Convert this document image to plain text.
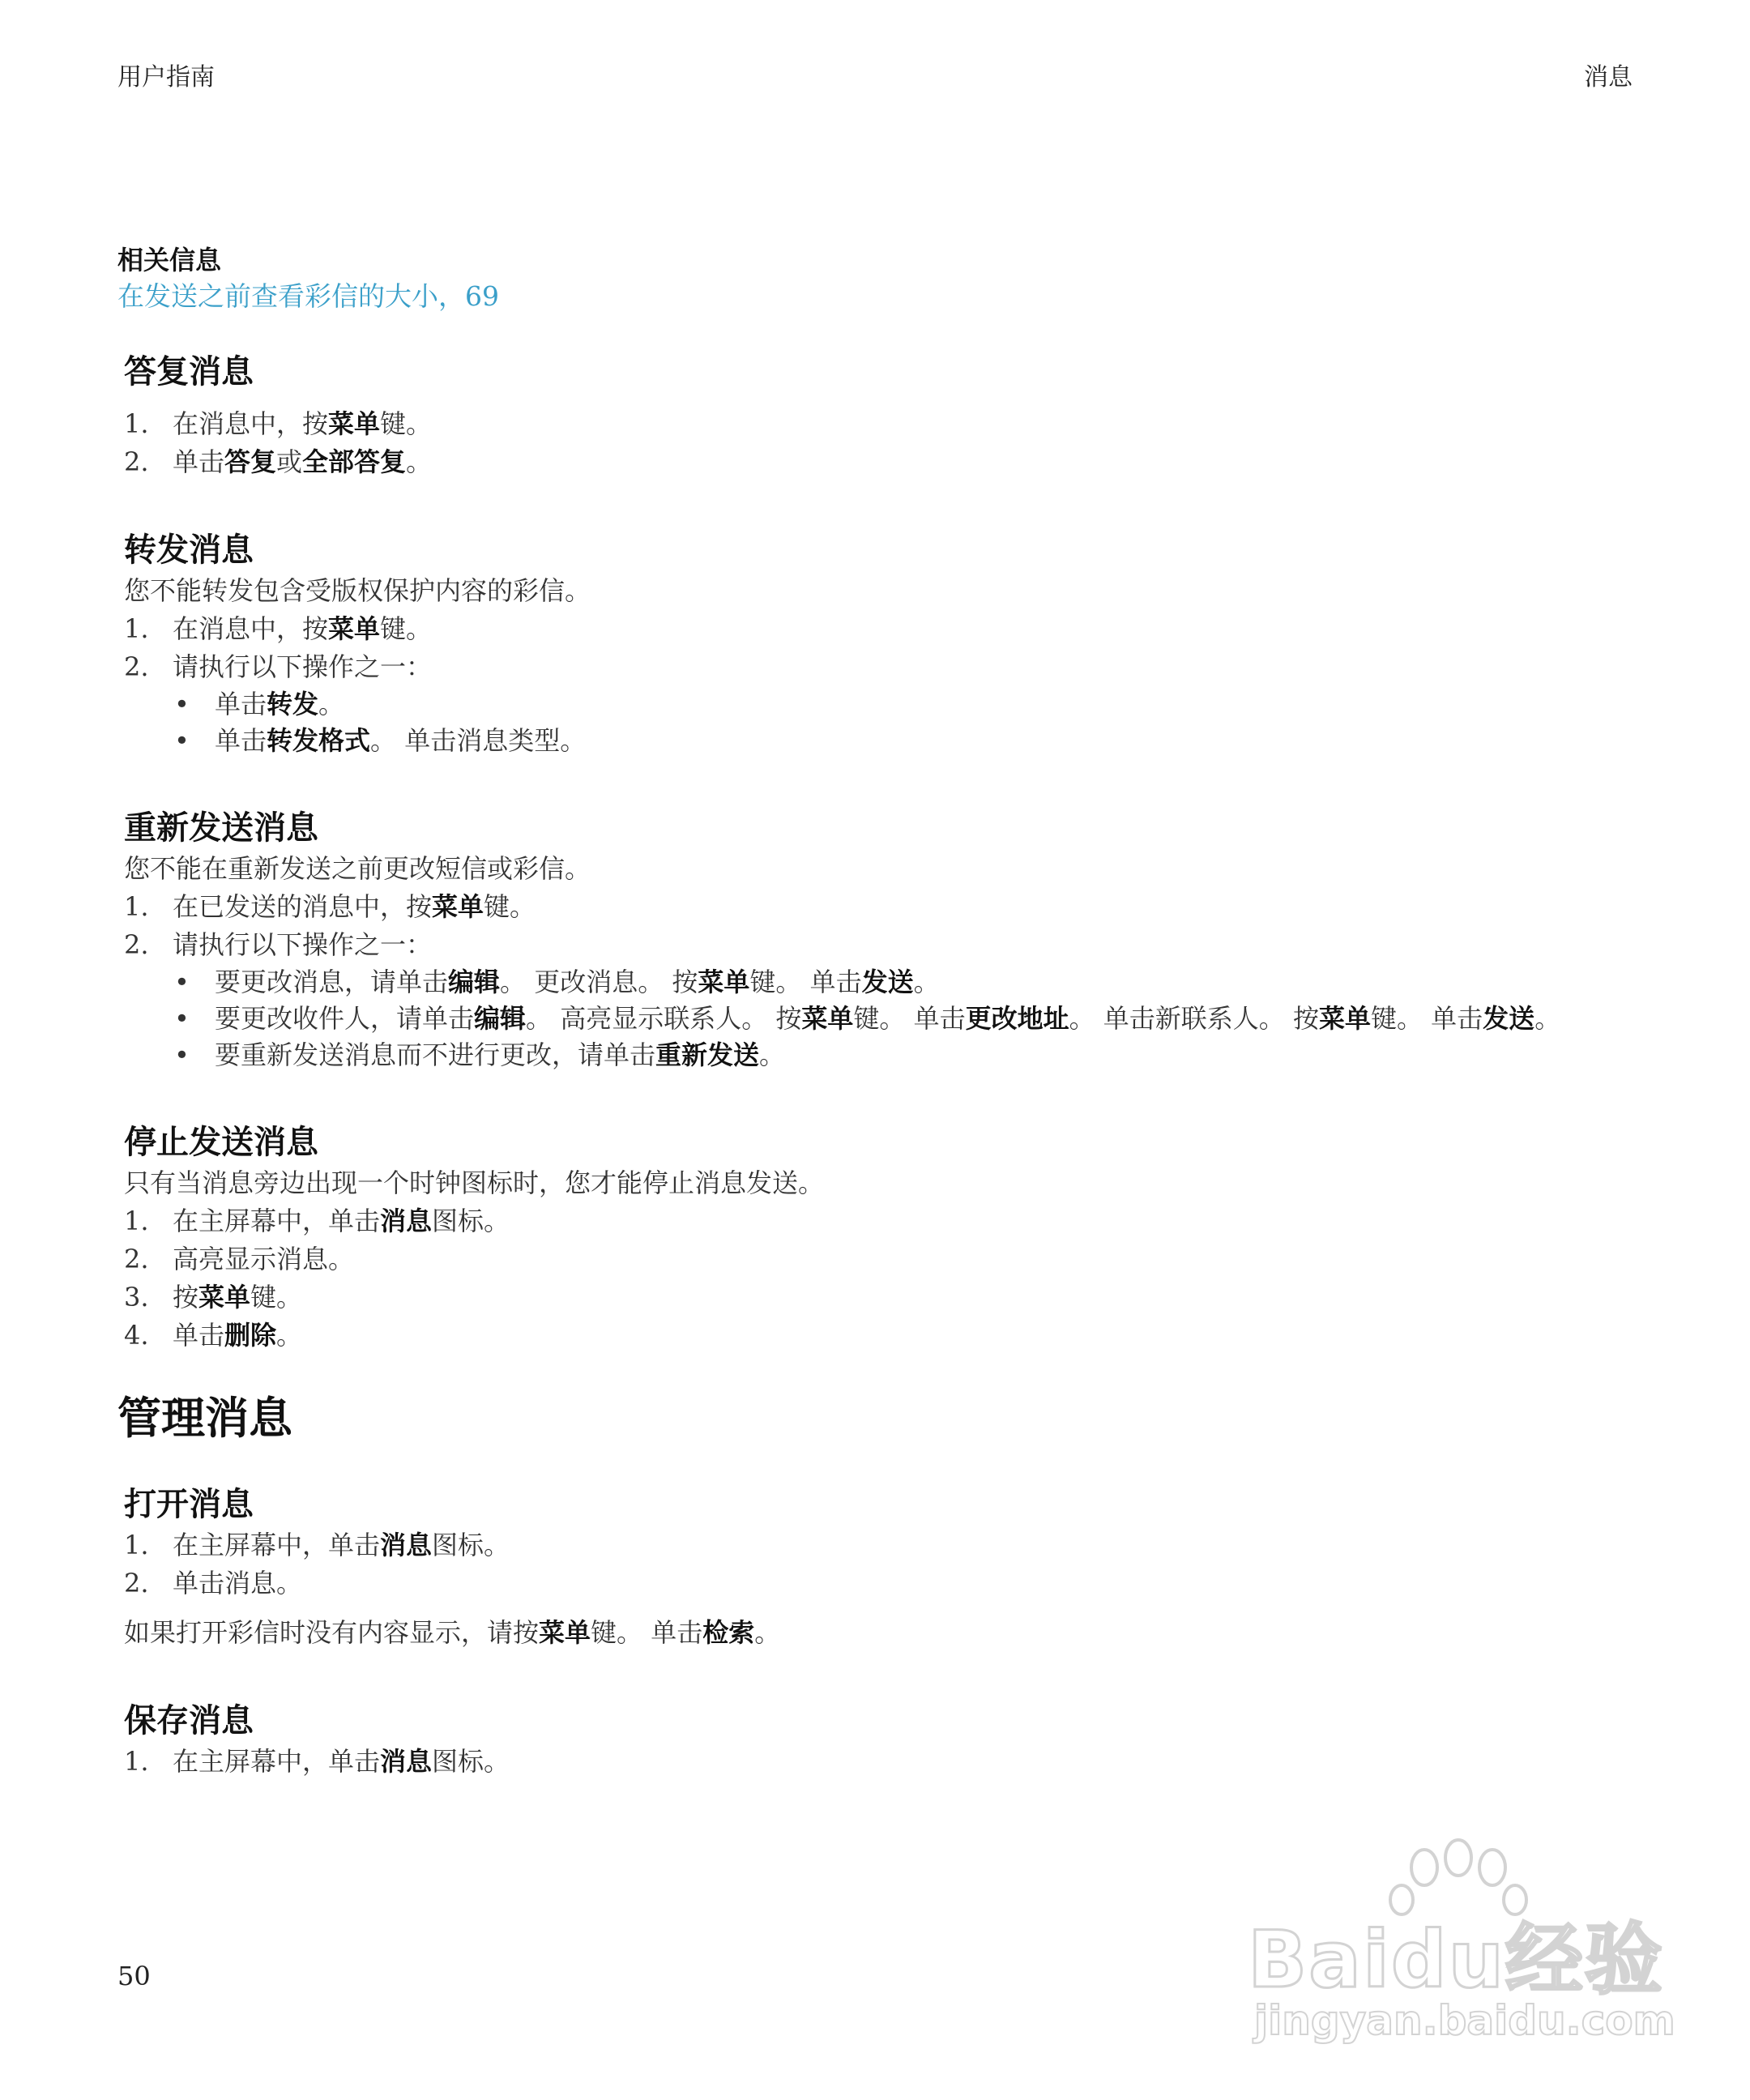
用户指南	消息
相关信息
在发送之前查看彩信的大小，69
答复消息
1. 在消息中，按菜单键。
2. 单击答复或全部答复。
转发消息

您不能转发包含受版权保护内容的彩信。

1. 在消息中，按菜单键。
2. 请执行以下操作之一：
• 单击转发。
• 单击转发格式。 单击消息类型。
重新发送消息

您不能在重新发送之前更改短信或彩信。

1. 在已发送的消息中，按菜单键。
2. 请执行以下操作之一：
• 要更改消息，请单击编辑。 更改消息。 按菜单键。 单击发送。
• 要更改收件人，请单击编辑。 高亮显示联系人。 按菜单键。 单击更改地址。 单击新联系人。 按菜单键。 单击发送。
• 要重新发送消息而不进行更改，请单击重新发送。
停止发送消息

只有当消息旁边出现一个时钟图标时，您才能停止消息发送。

1. 在主屏幕中，单击消息图标。
2. 高亮显示消息。
3. 按菜单键。
4. 单击删除。
管理消息
打开消息
1. 在主屏幕中，单击消息图标。
2. 单击消息。

如果打开彩信时没有内容显示，请按菜单键。 单击检索。

保存消息
1. 在主屏幕中，单击消息图标。
50	Baidu经验
jingyan.baidu.com
